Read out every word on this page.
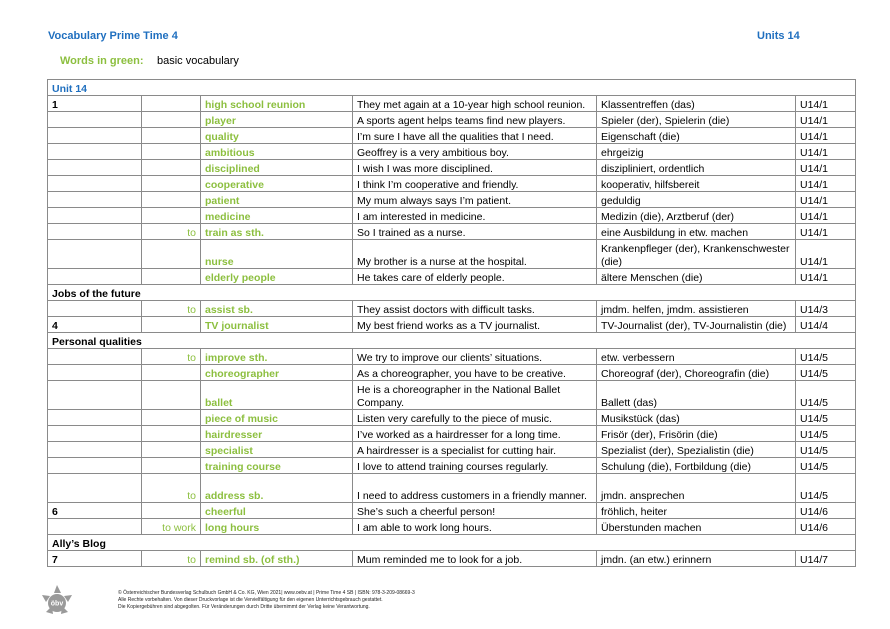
Vocabulary Prime Time 4	Units 14
Words in green: basic vocabulary
Unit 14					
1		high school reunion	They met again at a 10-year high school reunion.	Klassentreffen (das)	U14/1
		player	A sports agent helps teams find new players.	Spieler (der), Spielerin (die)	U14/1
		quality	I’m sure I have all the qualities that I need.	Eigenschaft (die)	U14/1
		ambitious	Geoffrey is a very ambitious boy.	ehrgeizig	U14/1
		disciplined	I wish I was more disciplined.	diszipliniert, ordentlich	U14/1
		cooperative	I think I’m cooperative and friendly.	kooperativ, hilfsbereit	U14/1
		patient	My mum always says I’m patient.	geduldig	U14/1
		medicine	I am interested in medicine.	Medizin (die), Arztberuf (der)	U14/1
	to	train as sth.	So I trained as a nurse.	eine Ausbildung in etw. machen	U14/1
		nurse	My brother is a nurse at the hospital.	Krankenpfleger (der), Krankenschwester (die)	U14/1
		elderly people	He takes care of elderly people.	ältere Menschen (die)	U14/1
Jobs of the future					
	to	assist sb.	They assist doctors with difficult tasks.	jmdm. helfen, jmdm. assistieren	U14/3
4		TV journalist	My best friend works as a TV journalist.	TV-Journalist (der), TV-Journalistin (die)	U14/4
Personal qualities					
	to	improve sth.	We try to improve our clients’ situations.	etw. verbessern	U14/5
		choreographer	As a choreographer, you have to be creative.	Choreograf (der), Choreografin (die)	U14/5
		ballet	He is a choreographer in the National Ballet Company.	Ballett (das)	U14/5
		piece of music	Listen very carefully to the piece of music.	Musikstück (das)	U14/5
		hairdresser	I’ve worked as a hairdresser for a long time.	Frisör (der), Frisörin (die)	U14/5
		specialist	A hairdresser is a specialist for cutting hair.	Spezialist (der), Spezialistin (die)	U14/5
		training course	I love to attend training courses regularly.	Schulung (die), Fortbildung (die)	U14/5
	to	address sb.	I need to address customers in a friendly manner.	jmdn. ansprechen	U14/5
6		cheerful	She’s such a cheerful person!	fröhlich, heiter	U14/6
	to work	long hours	I am able to work long hours.	Überstunden machen	U14/6
Ally’s Blog					
7	to	remind sb. (of sth.)	Mum reminded me to look for a job.	jmdn. (an etw.) erinnern	U14/7
öbv
© Österreichischer Bundesverlag Schulbuch GmbH & Co. KG, Wien 2021| www.oebv.at | Prime Time 4 SB | ISBN: 978-3-209-08669-3
Alle Rechte vorbehalten. Von dieser Druckvorlage ist die Vervielfältigung für den eigenen Unterrichtsgebrauch gestattet.
Die Kopiergebühren sind abgegolten. Für Veränderungen durch Dritte übernimmt der Verlag keine Verantwortung.
